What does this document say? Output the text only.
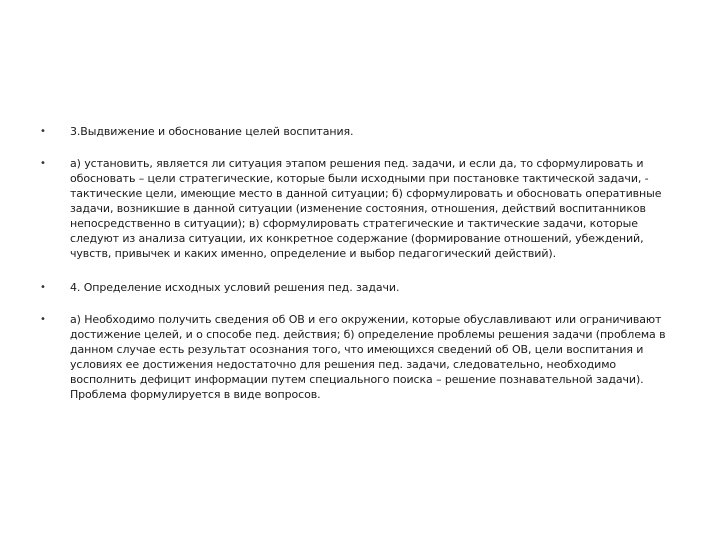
• 3.Выдвижение и обоснование целей воспитания.
• а) установить, является ли ситуация этапом решения пед. задачи, и если да, то сформулировать и обосновать – цели стратегические, которые были исходными при постановке тактической задачи, - тактические цели, имеющие место в данной ситуации; б) сформулировать и обосновать оперативные задачи, возникшие в данной ситуации (изменение состояния, отношения, действий воспитанников непосредственно в ситуации); в) сформулировать стратегические и тактические задачи, которые следуют из анализа ситуации, их конкретное содержание (формирование отношений, убеждений, чувств, привычек и каких именно, определение и выбор педагогический действий).
• 4. Определение исходных условий решения пед. задачи.
• а) Необходимо получить сведения об ОВ и его окружении, которые обуславливают или ограничивают достижение целей, и о способе пед. действия; б) определение проблемы решения задачи (проблема в данном случае есть результат осознания того, что имеющихся сведений об ОВ, цели воспитания и условиях ее достижения недостаточно для решения пед. задачи, следовательно, необходимо восполнить дефицит информации путем специального поиска – решение познавательной задачи). Проблема формулируется в виде вопросов.
